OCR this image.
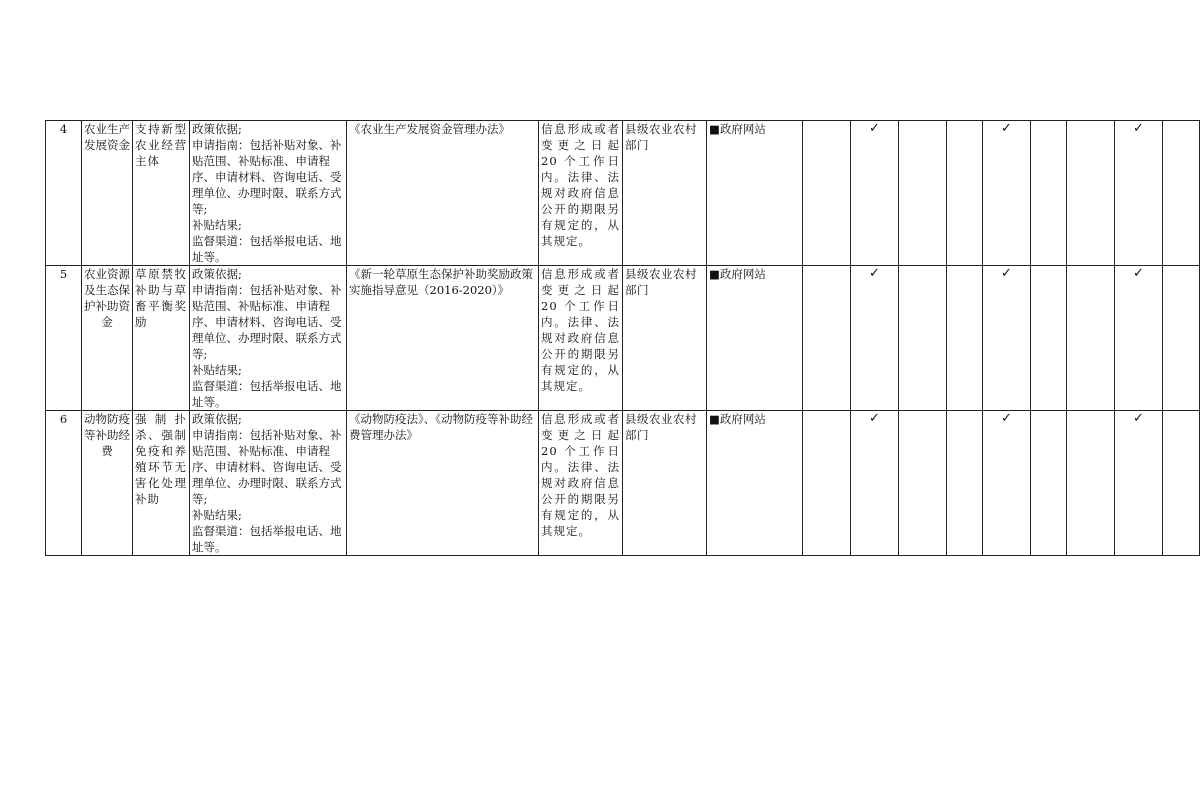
4	农业生产发展资金	支持新型农业经营主体	政策依据;
申请指南：包括补贴对象、补贴范围、补贴标准、申请程序、申请材料、咨询电话、受理单位、办理时限、联系方式等;
补贴结果;
监督渠道：包括举报电话、地址等。	《农业生产发展资金管理办法》	信息形成或者变更之日起 20 个工作日内。法律、法规对政府信息公开的期限另有规定的，从其规定。	县级农业农村部门	■政府网站		✓			✓			✓	
5	农业资源及生态保护补助资金	草原禁牧补助与草畜平衡奖励	政策依据;
申请指南：包括补贴对象、补贴范围、补贴标准、申请程序、申请材料、咨询电话、受理单位、办理时限、联系方式等;
补贴结果;
监督渠道：包括举报电话、地址等。	《新一轮草原生态保护补助奖励政策实施指导意见（2016-2020）》	信息形成或者变更之日起 20 个工作日内。法律、法规对政府信息公开的期限另有规定的，从其规定。	县级农业农村部门	■政府网站		✓			✓			✓	
6	动物防疫等补助经费	强制扑杀、强制免疫和养殖环节无害化处理补助	政策依据;
申请指南：包括补贴对象、补贴范围、补贴标准、申请程序、申请材料、咨询电话、受理单位、办理时限、联系方式等;
补贴结果;
监督渠道：包括举报电话、地址等。	《动物防疫法》、《动物防疫等补助经费管理办法》	信息形成或者变更之日起 20 个工作日内。法律、法规对政府信息公开的期限另有规定的，从其规定。	县级农业农村部门	■政府网站		✓			✓			✓	
